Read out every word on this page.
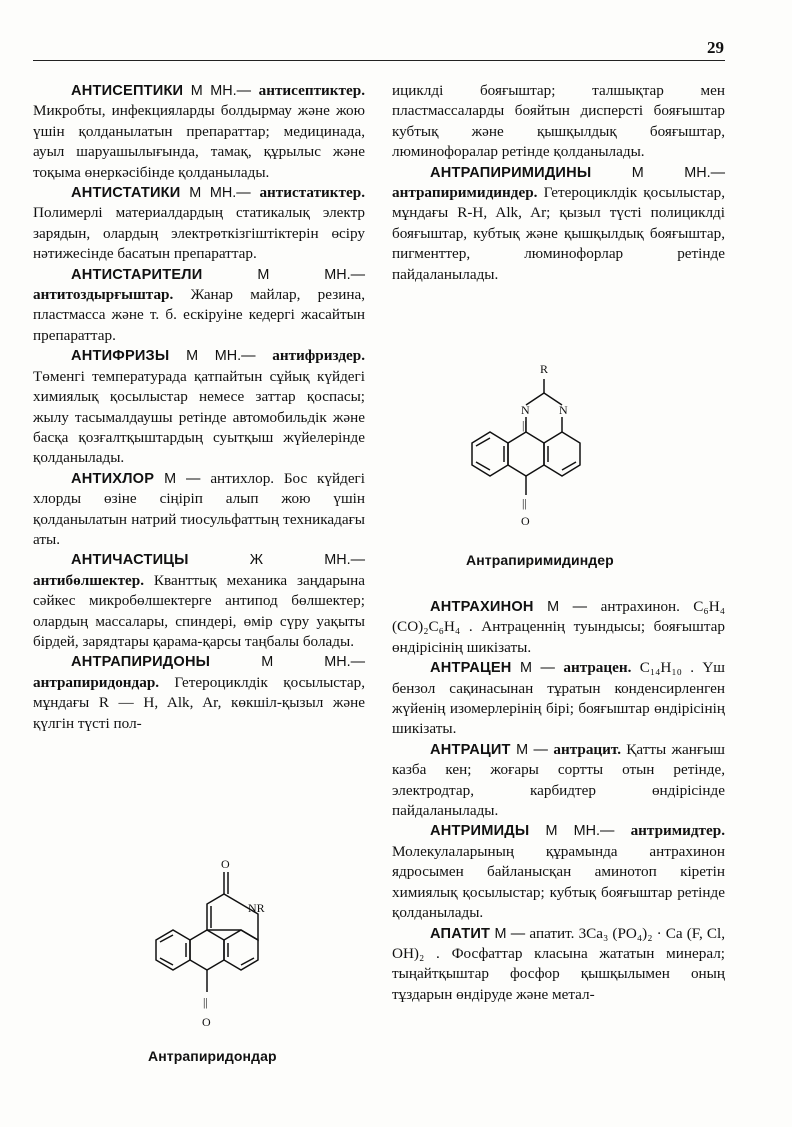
29

АНТИСЕПТИКИ М МН.— антисептиктер. Микробты, инфекцияларды болдырмау және жою үшін қолданылатын препараттар; медицинада, ауыл шаруашылығында, тамақ, құрылыс және тоқыма өнеркәсібінде қолданылады.

АНТИСТАТИКИ М МН.— антистатиктер. Полимерлі материалдардың статикалық электр зарядын, олардың электрөткізгіштіктерін өсіру нәтижесінде басатын препараттар.

АНТИСТАРИТЕЛИ М МН.— антитоздырғыштар. Жанар майлар, резина, пластмасса және т. б. ескіруіне кедергі жасайтын препараттар.

АНТИФРИЗЫ М МН.— антифриздер. Төменгі температурада қатпайтын сұйық күйдегі химиялық қосылыстар немесе заттар қоспасы; жылу тасымалдаушы ретінде автомобильдік және басқа қозғалтқыштардың суытқыш жүйелерінде қолданылады.

АНТИХЛОР М — антихлор. Бос күйдегі хлорды өзіне сіңіріп алып жою үшін қолданылатын натрий тиосульфаттың техникадағы аты.

АНТИЧАСТИЦЫ Ж МН.— антибөлшектер. Кванттық механика заңдарына сәйкес микробөлшектерге антипод бөлшектер; олардың массалары, спиндері, өмір сүру уақыты бірдей, зарядтары қарама-қарсы таңбалы болады.

АНТРАПИРИДОНЫ М МН.— антрапиридондар. Гетероциклдік қосылыстар, мұндағы R — H, Alk, Ar, көкшіл-қызыл және қүлгін түсті пол-

O
NR
||
O
Антрапиридондар

ициклді бояғыштар; талшықтар мен пластмассаларды бояйтын дисперсті бояғыштар кубтық және қышқылдық бояғыштар, люминофоралар ретінде қолданылады.

АНТРАПИРИМИДИНЫ М МН.— антрапиримидиндер. Гетероциклдік қосылыстар, мұндағы R-H, Alk, Ar; қызыл түсті полициклді бояғыштар, кубтық және қышқылдық бояғыштар, пигменттер, люминофорлар ретінде пайдаланылады.

R
N N
||
||
O
Антрапиримидиндер

АНТРАХИНОН М — антрахинон. C₆H₄ (CO)₂C₆H₄ . Антраценнің туындысы; бояғыштар өндірісінің шикізаты.

АНТРАЦЕН М — антрацен. C₁₄H₁₀ . Үш бензол сақинасынан тұратын конденсирленген жүйенің изомерлерінің бірі; бояғыштар өндірісінің шикізаты.

АНТРАЦИТ М — антрацит. Қатты жанғыш казба кен; жоғары сортты отын ретінде, электродтар, карбидтер өндірісінде пайдаланылады.

АНТРИМИДЫ М МН.— антримидтер. Молекулаларының құрамында антрахинон ядросымен байланысқан аминотоп кіретін химиялық қосылыстар; кубтық бояғыштар ретінде қолданылады.

АПАТИТ М — апатит. 3Ca₃ (PO₄)₂ · Ca (F, Cl, OH)₂ . Фосфаттар класына жататын минерал; тыңайтқыштар фосфор қышқылымен оның тұздарын өндіруде және метал-
